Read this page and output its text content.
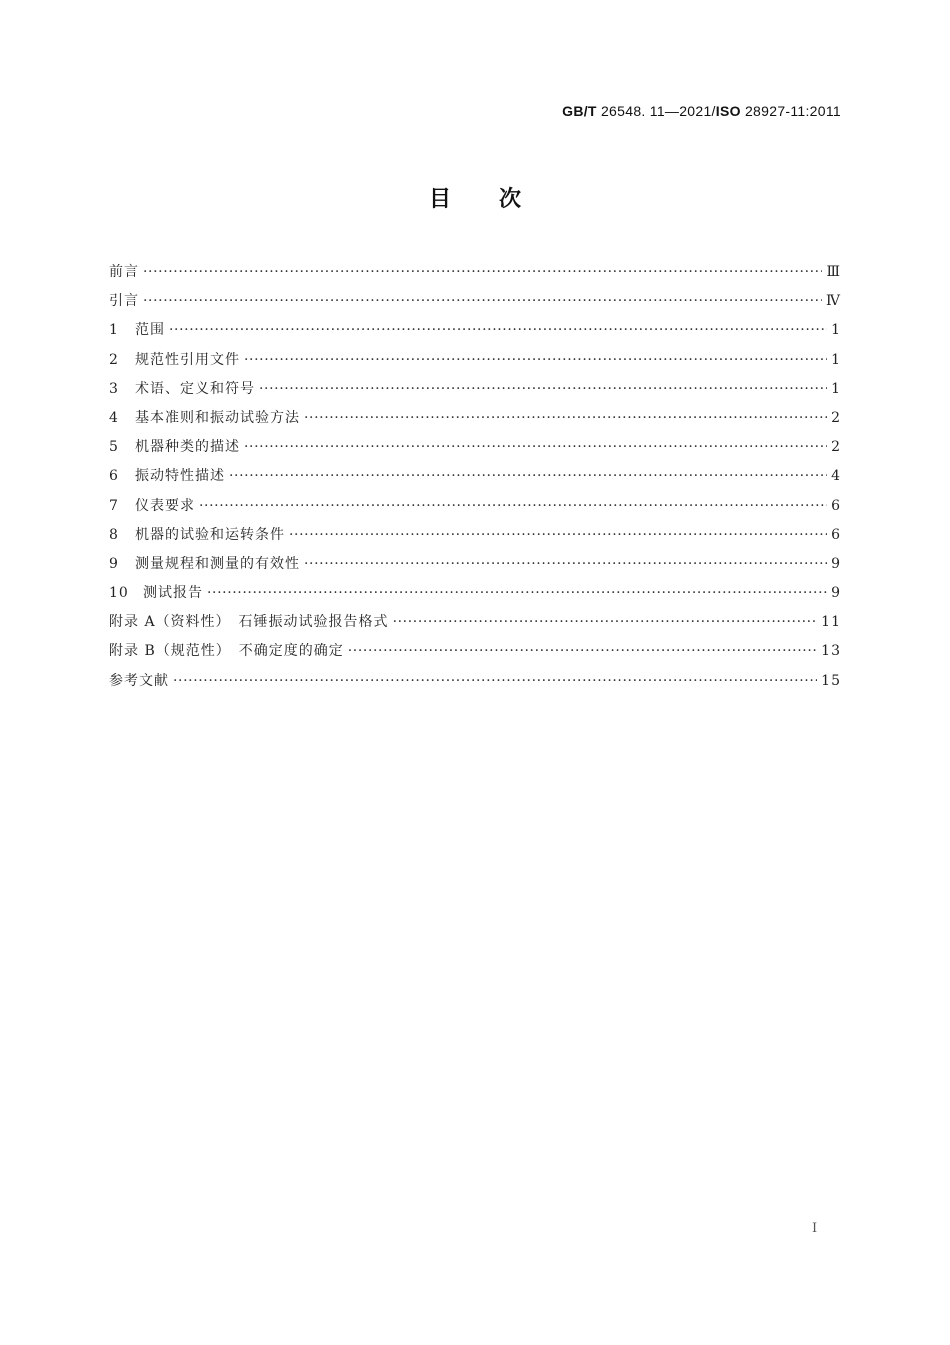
GB/T 26548. 11—2021/ISO 28927-11:2011
目 次
前言 ·····	Ⅲ
引言 ·····	Ⅳ
1	范围 ·····	1
2	规范性引用文件 ·····	1
3	术语、定义和符号 ·····	1
4	基本准则和振动试验方法 ·····	2
5	机器种类的描述 ·····	2
6	振动特性描述 ·····	4
7	仪表要求 ·····	6
8	机器的试验和运转条件 ·····	6
9	测量规程和测量的有效性 ·····	9
10	测试报告 ·····	9
附录 A（资料性）　石锤振动试验报告格式 ·····	11
附录 B（规范性）　不确定度的确定 ·····	13
参考文献 ·····	15
I
